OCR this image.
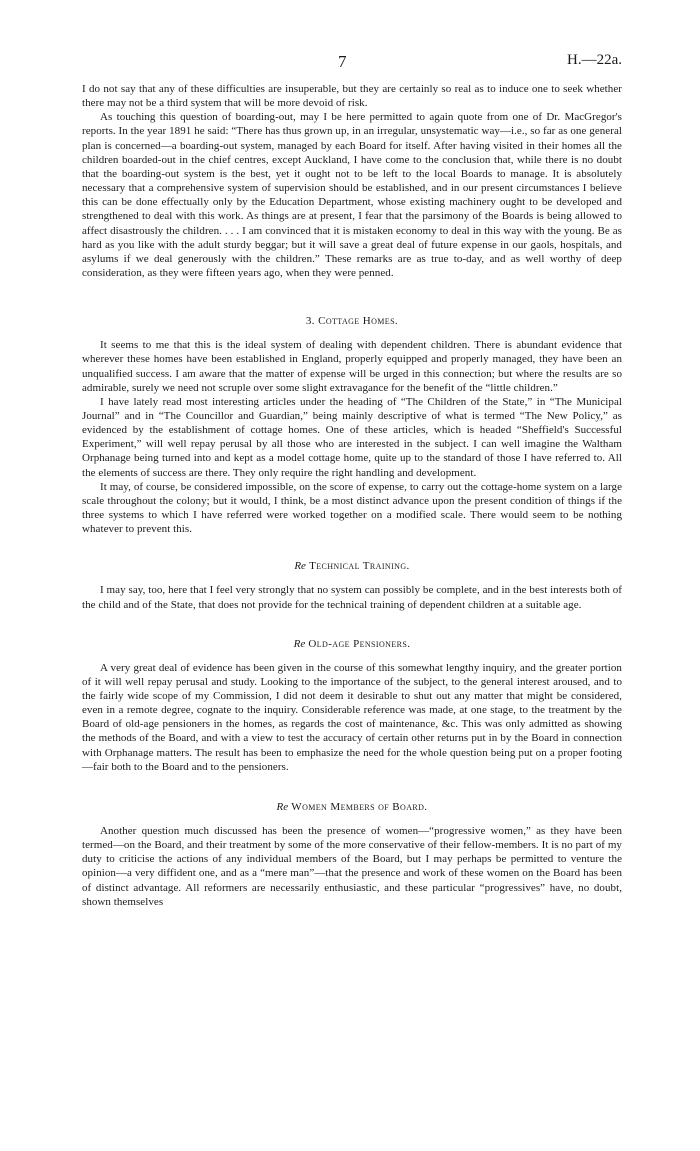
7	H.—22a.

I do not say that any of these difficulties are insuperable, but they are certainly so real as to induce one to seek whether there may not be a third system that will be more devoid of risk.

As touching this question of boarding-out, may I be here permitted to again quote from one of Dr. MacGregor's reports. In the year 1891 he said: “There has thus grown up, in an irregular, unsystematic way—i.e., so far as one general plan is concerned—a boarding-out system, managed by each Board for itself. After having visited in their homes all the children boarded-out in the chief centres, except Auckland, I have come to the conclusion that, while there is no doubt that the boarding-out system is the best, yet it ought not to be left to the local Boards to manage. It is absolutely necessary that a comprehensive system of supervision should be established, and in our present circumstances I believe this can be done effectually only by the Education Department, whose existing machinery ought to be developed and strengthened to deal with this work. As things are at present, I fear that the parsimony of the Boards is being allowed to affect disastrously the children. . . . I am convinced that it is mistaken economy to deal in this way with the young. Be as hard as you like with the adult sturdy beggar; but it will save a great deal of future expense in our gaols, hospitals, and asylums if we deal generously with the children.” These remarks are as true to-day, and as well worthy of deep consideration, as they were fifteen years ago, when they were penned.

3. Cottage Homes.

It seems to me that this is the ideal system of dealing with dependent children. There is abundant evidence that wherever these homes have been established in England, properly equipped and properly managed, they have been an unqualified success. I am aware that the matter of expense will be urged in this connection; but where the results are so admirable, surely we need not scruple over some slight extravagance for the benefit of the “little children.”

I have lately read most interesting articles under the heading of “The Children of the State,” in “The Municipal Journal” and in “The Councillor and Guardian,” being mainly descriptive of what is termed “The New Policy,” as evidenced by the establishment of cottage homes. One of these articles, which is headed “Sheffield's Successful Experiment,” will well repay perusal by all those who are interested in the subject. I can well imagine the Waltham Orphanage being turned into and kept as a model cottage home, quite up to the standard of those I have referred to. All the elements of success are there. They only require the right handling and development.

It may, of course, be considered impossible, on the score of expense, to carry out the cottage-home system on a large scale throughout the colony; but it would, I think, be a most distinct advance upon the present condition of things if the three systems to which I have referred were worked together on a modified scale. There would seem to be nothing whatever to prevent this.

Re Technical Training.

I may say, too, here that I feel very strongly that no system can possibly be complete, and in the best interests both of the child and of the State, that does not provide for the technical training of dependent children at a suitable age.

Re Old-age Pensioners.

A very great deal of evidence has been given in the course of this somewhat lengthy inquiry, and the greater portion of it will well repay perusal and study. Looking to the importance of the subject, to the general interest aroused, and to the fairly wide scope of my Commission, I did not deem it desirable to shut out any matter that might be considered, even in a remote degree, cognate to the inquiry. Considerable reference was made, at one stage, to the treatment by the Board of old-age pensioners in the homes, as regards the cost of maintenance, &c. This was only admitted as showing the methods of the Board, and with a view to test the accuracy of certain other returns put in by the Board in connection with Orphanage matters. The result has been to emphasize the need for the whole question being put on a proper footing—fair both to the Board and to the pensioners.

Re Women Members of Board.

Another question much discussed has been the presence of women—“progressive women,” as they have been termed—on the Board, and their treatment by some of the more conservative of their fellow-members. It is no part of my duty to criticise the actions of any individual members of the Board, but I may perhaps be permitted to venture the opinion—a very diffident one, and as a “mere man”—that the presence and work of these women on the Board has been of distinct advantage. All reformers are necessarily enthusiastic, and these particular “progressives” have, no doubt, shown themselves
